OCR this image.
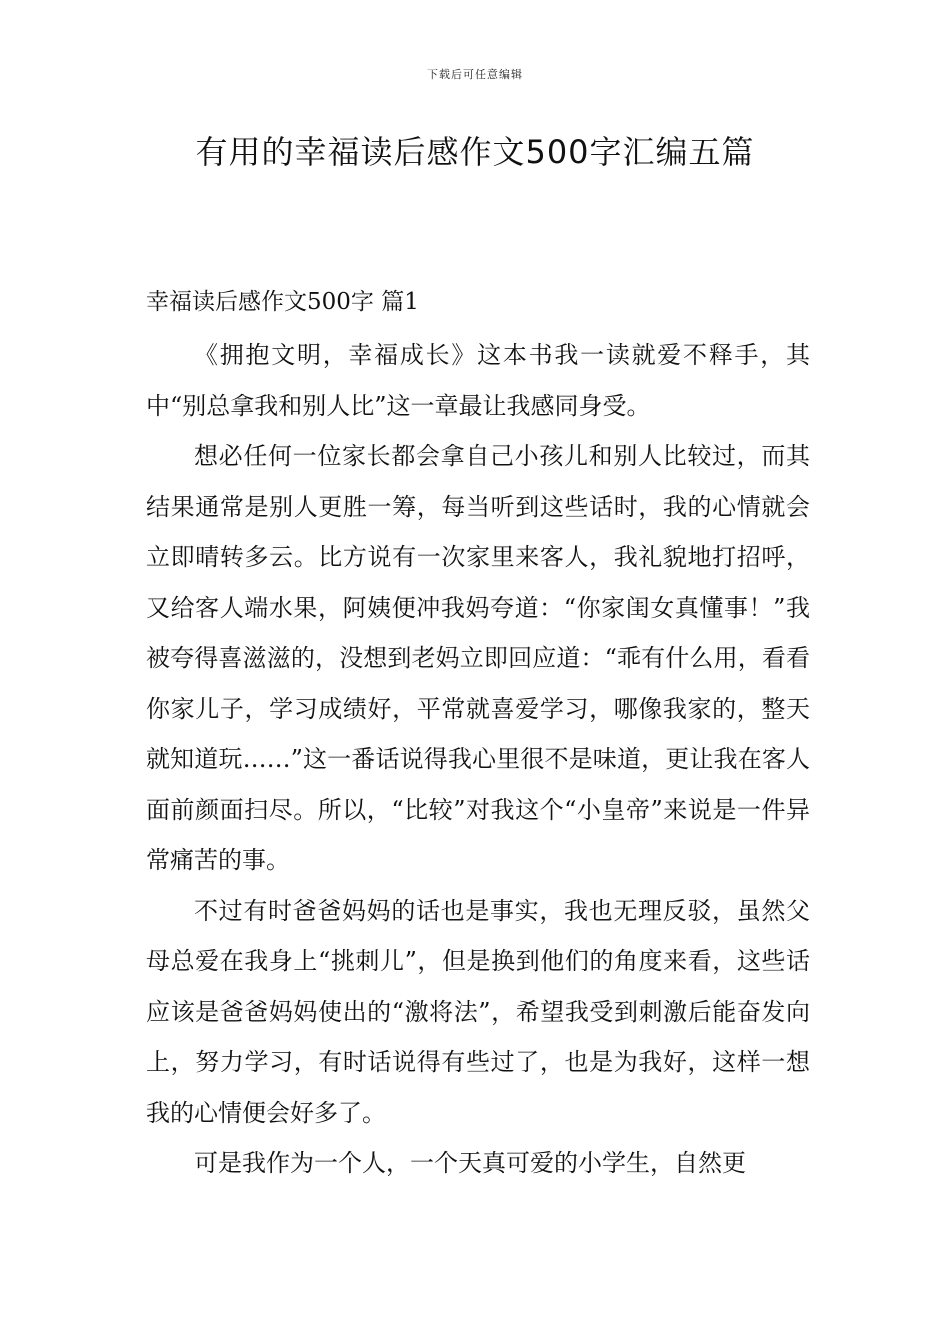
下载后可任意编辑
有用的幸福读后感作文500字汇编五篇
幸福读后感作文500字 篇1

《拥抱文明，幸福成长》这本书我一读就爱不释手，其中“别总拿我和别人比”这一章最让我感同身受。

想必任何一位家长都会拿自己小孩儿和别人比较过，而其结果通常是别人更胜一筹，每当听到这些话时，我的心情就会立即晴转多云。比方说有一次家里来客人，我礼貌地打招呼，又给客人端水果，阿姨便冲我妈夸道：“你家闺女真懂事！”我被夸得喜滋滋的，没想到老妈立即回应道：“乖有什么用，看看你家儿子，学习成绩好，平常就喜爱学习，哪像我家的，整天就知道玩……”这一番话说得我心里很不是味道，更让我在客人面前颜面扫尽。所以，“比较”对我这个“小皇帝”来说是一件异常痛苦的事。

不过有时爸爸妈妈的话也是事实，我也无理反驳，虽然父母总爱在我身上“挑刺儿”，但是换到他们的角度来看，这些话应该是爸爸妈妈使出的“激将法”，希望我受到刺激后能奋发向上，努力学习，有时话说得有些过了，也是为我好，这样一想我的心情便会好多了。

可是我作为一个人，一个天真可爱的小学生，自然更
